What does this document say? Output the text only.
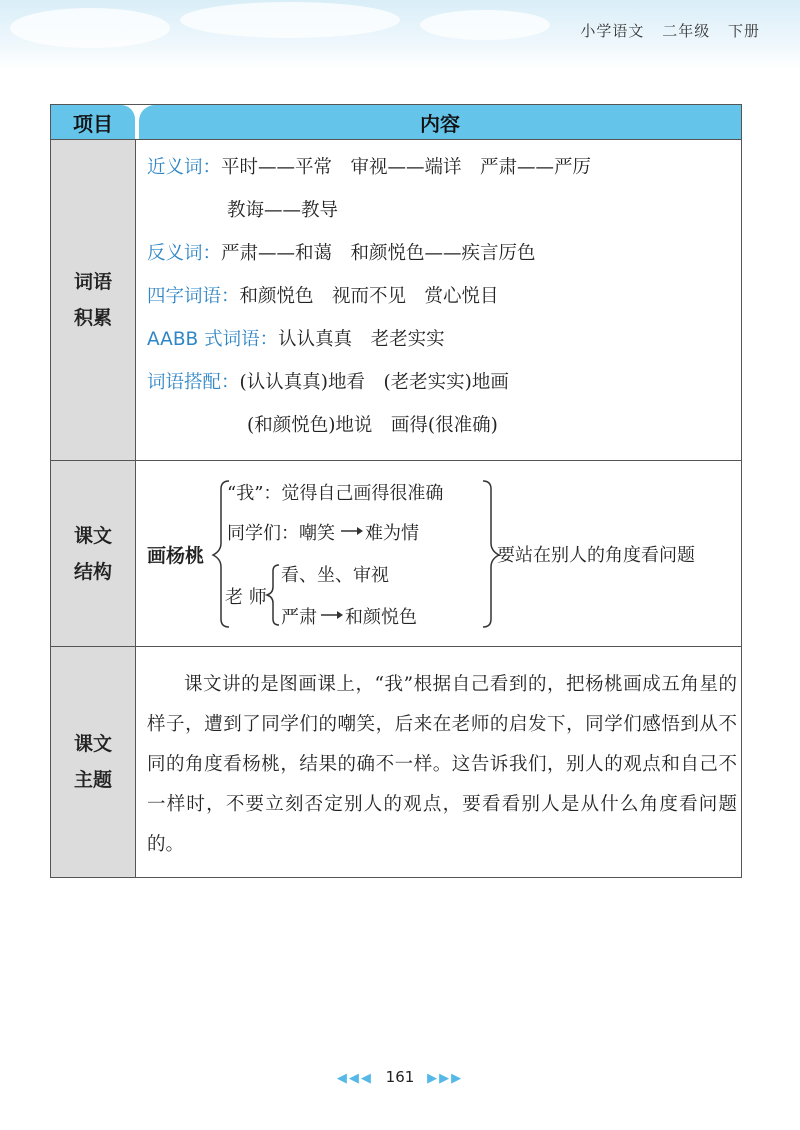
小学语文 二年级 下册
项目	内容
词语
积累
课文
结构
课文
主题
近义词：平时——平常　审视——端详　严肃——严厉
教诲——教导
反义词：严肃——和蔼　和颜悦色——疾言厉色
四字词语：和颜悦色　视而不见　赏心悦目
AABB 式词语：认认真真　老老实实
词语搭配：(认认真真)地看　(老老实实)地画
(和颜悦色)地说　画得(很准确)
画杨桃
“我”：觉得自己画得很准确
同学们：嘲笑 难为情
老 师
看、坐、审视
严肃 和颜悦色
要站在别人的角度看问题

课文讲的是图画课上，“我”根据自己看到的，把杨桃画成五角星的样子，遭到了同学们的嘲笑，后来在老师的启发下，同学们感悟到从不同的角度看杨桃，结果的确不一样。这告诉我们，别人的观点和自己不一样时，不要立刻否定别人的观点，要看看别人是从什么角度看问题的。

◀◀◀ 161 ▶▶▶
